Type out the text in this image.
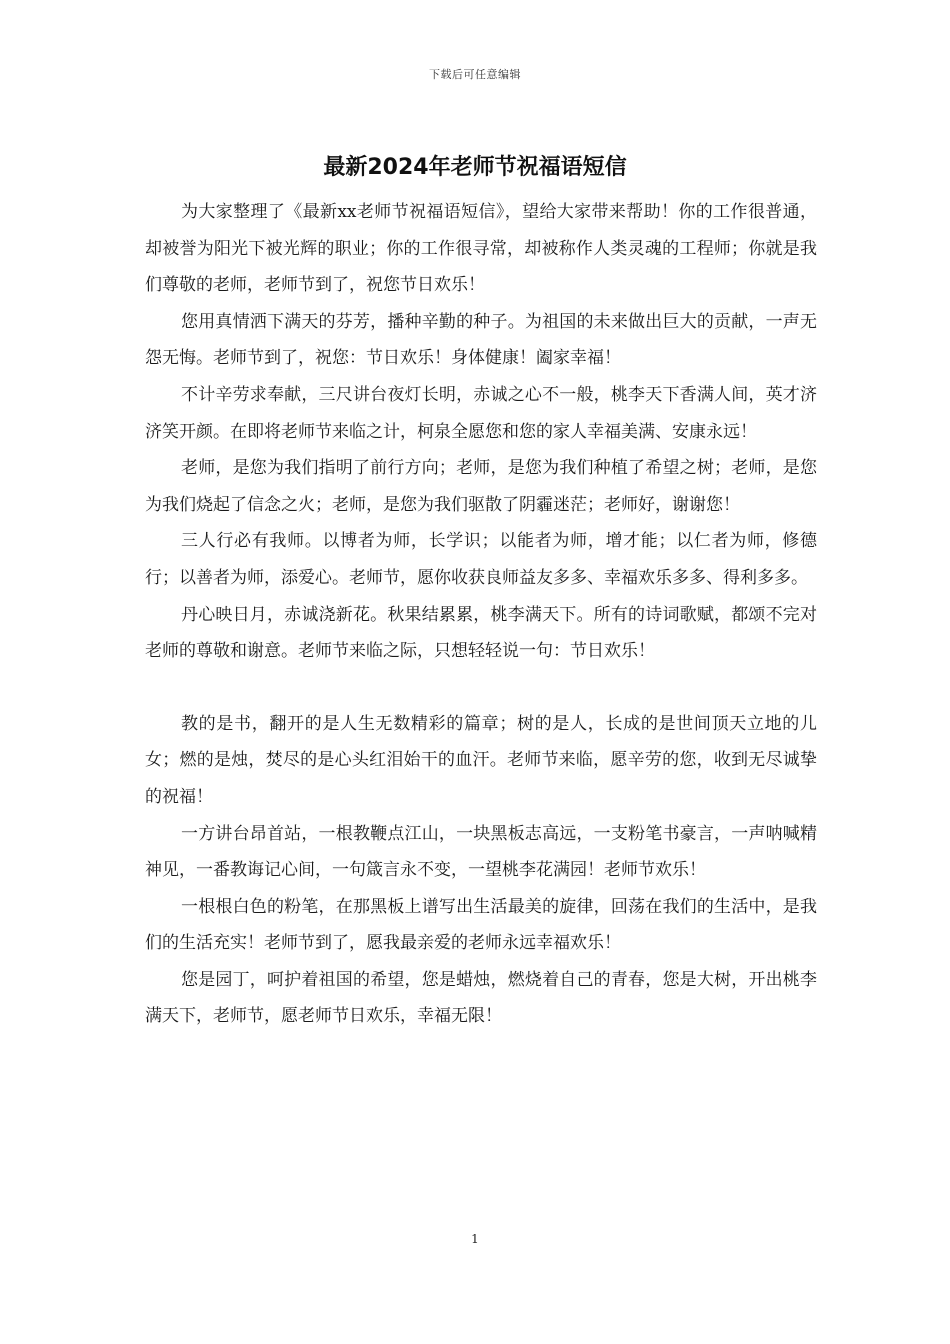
下载后可任意编辑
最新2024年老师节祝福语短信

为大家整理了《最新xx老师节祝福语短信》，望给大家带来帮助！你的工作很普通，却被誉为阳光下被光辉的职业；你的工作很寻常，却被称作人类灵魂的工程师；你就是我们尊敬的老师，老师节到了，祝您节日欢乐！

您用真情洒下满天的芬芳，播种辛勤的种子。为祖国的未来做出巨大的贡献，一声无怨无悔。老师节到了，祝您：节日欢乐！身体健康！阖家幸福！

不计辛劳求奉献，三尺讲台夜灯长明，赤诚之心不一般，桃李天下香满人间，英才济济笑开颜。在即将老师节来临之计，柯泉全愿您和您的家人幸福美满、安康永远！

老师，是您为我们指明了前行方向；老师，是您为我们种植了希望之树；老师，是您为我们烧起了信念之火；老师，是您为我们驱散了阴霾迷茫；老师好，谢谢您！

三人行必有我师。以博者为师，长学识；以能者为师，增才能；以仁者为师，修德行；以善者为师，添爱心。老师节，愿你收获良师益友多多、幸福欢乐多多、得利多多。

丹心映日月，赤诚浇新花。秋果结累累，桃李满天下。所有的诗词歌赋，都颂不完对老师的尊敬和谢意。老师节来临之际，只想轻轻说一句：节日欢乐！

教的是书，翻开的是人生无数精彩的篇章；树的是人，长成的是世间顶天立地的儿女；燃的是烛，焚尽的是心头红泪始干的血汗。老师节来临，愿辛劳的您，收到无尽诚挚的祝福！

一方讲台昂首站，一根教鞭点江山，一块黑板志高远，一支粉笔书豪言，一声呐喊精神见，一番教诲记心间，一句箴言永不变，一望桃李花满园！老师节欢乐！

一根根白色的粉笔，在那黑板上谱写出生活最美的旋律，回荡在我们的生活中，是我们的生活充实！老师节到了，愿我最亲爱的老师永远幸福欢乐！

您是园丁，呵护着祖国的希望，您是蜡烛，燃烧着自己的青春，您是大树，开出桃李满天下，老师节，愿老师节日欢乐，幸福无限！

1
